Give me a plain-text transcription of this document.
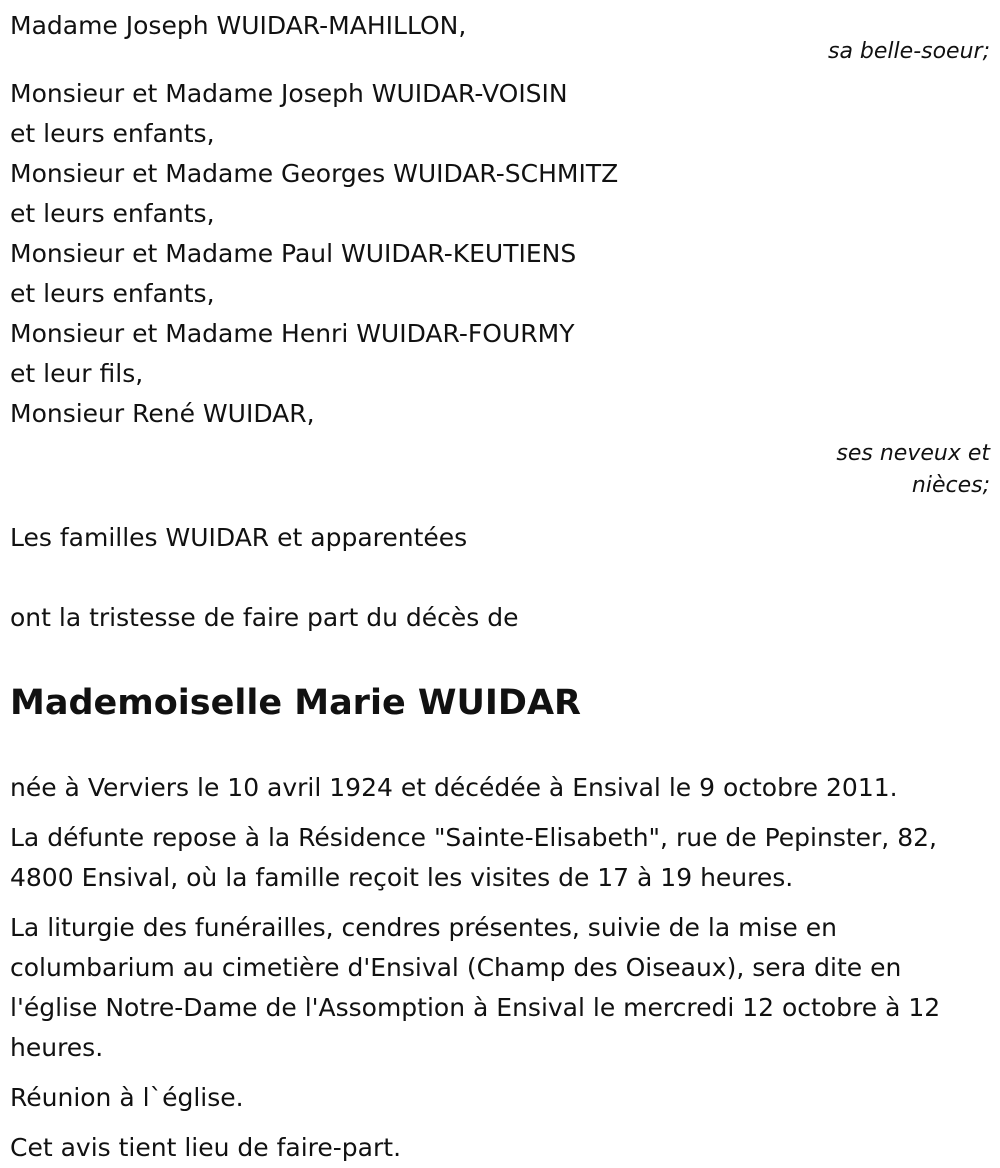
Madame Joseph WUIDAR-MAHILLON,
sa belle-soeur;
Monsieur et Madame Joseph WUIDAR-VOISIN
et leurs enfants,
Monsieur et Madame Georges WUIDAR-SCHMITZ
et leurs enfants,
Monsieur et Madame Paul WUIDAR-KEUTIENS
et leurs enfants,
Monsieur et Madame Henri WUIDAR-FOURMY
et leur fils,
Monsieur René WUIDAR,
ses neveux et
nièces;
Les familles WUIDAR et apparentées
ont la tristesse de faire part du décès de
Mademoiselle Marie WUIDAR
née à Verviers le 10 avril 1924 et décédée à Ensival le 9 octobre 2011.
La défunte repose à la Résidence "Sainte-Elisabeth", rue de Pepinster, 82, 4800 Ensival, où la famille reçoit les visites de 17 à 19 heures.
La liturgie des funérailles, cendres présentes, suivie de la mise en columbarium au cimetière d'Ensival (Champ des Oiseaux), sera dite en l'église Notre-Dame de l'Assomption à Ensival le mercredi 12 octobre à 12 heures.
Réunion à l`église.
Cet avis tient lieu de faire-part.
